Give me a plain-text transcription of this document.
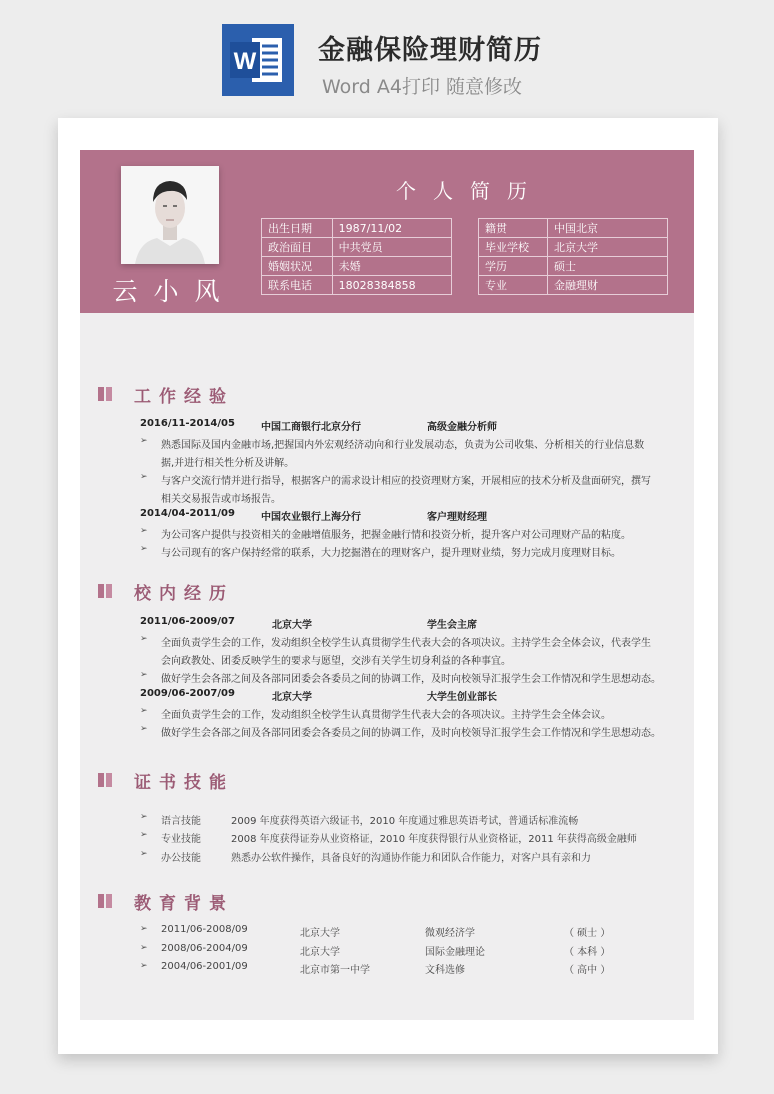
W 金融保险理财简历
Word A4打印 随意修改
云小风
个人简历
出生日期	1987/11/02
政治面目	中共党员
婚姻状况	未婚
联系电话	18028384858
籍贯	中国北京
毕业学校	北京大学
学历	硕士
专业	金融理财
工作经验
2016/11-2014/05	中国工商银行北京分行	高级金融分析师
➢ 熟悉国际及国内金融市场,把握国内外宏观经济动向和行业发展动态，负责为公司收集、分析相关的行业信息数
据,并进行相关性分析及讲解。
➢ 与客户交流行情并进行指导，根据客户的需求设计相应的投资理财方案，开展相应的技术分析及盘面研究，撰写
相关交易报告或市场报告。
2014/04-2011/09	中国农业银行上海分行	客户理财经理
➢ 为公司客户提供与投资相关的金融增值服务，把握金融行情和投资分析，提升客户对公司理财产品的粘度。
➢ 与公司现有的客户保持经常的联系，大力挖掘潜在的理财客户，提升理财业绩，努力完成月度理财目标。
校内经历
2011/06-2009/07	北京大学	学生会主席
➢ 全面负责学生会的工作，发动组织全校学生认真贯彻学生代表大会的各项决议。主持学生会全体会议，代表学生
会向政教处、团委反映学生的要求与愿望，交涉有关学生切身利益的各种事宜。
➢ 做好学生会各部之间及各部同团委会各委员之间的协调工作，及时向校领导汇报学生会工作情况和学生思想动态。
2009/06-2007/09	北京大学	大学生创业部长
➢ 全面负责学生会的工作，发动组织全校学生认真贯彻学生代表大会的各项决议。主持学生会全体会议。
➢ 做好学生会各部之间及各部同团委会各委员之间的协调工作，及时向校领导汇报学生会工作情况和学生思想动态。
证书技能
➢ 语言技能	2009 年度获得英语六级证书，2010 年度通过雅思英语考试，普通话标准流畅
➢ 专业技能	2008 年度获得证券从业资格证，2010 年度获得银行从业资格证，2011 年获得高级金融师
➢ 办公技能	熟悉办公软件操作，具备良好的沟通协作能力和团队合作能力，对客户具有亲和力
教育背景
➢ 2011/06-2008/09	北京大学	微观经济学	（ 硕士 ）
➢ 2008/06-2004/09	北京大学	国际金融理论	（ 本科 ）
➢ 2004/06-2001/09	北京市第一中学	文科选修	（ 高中 ）
